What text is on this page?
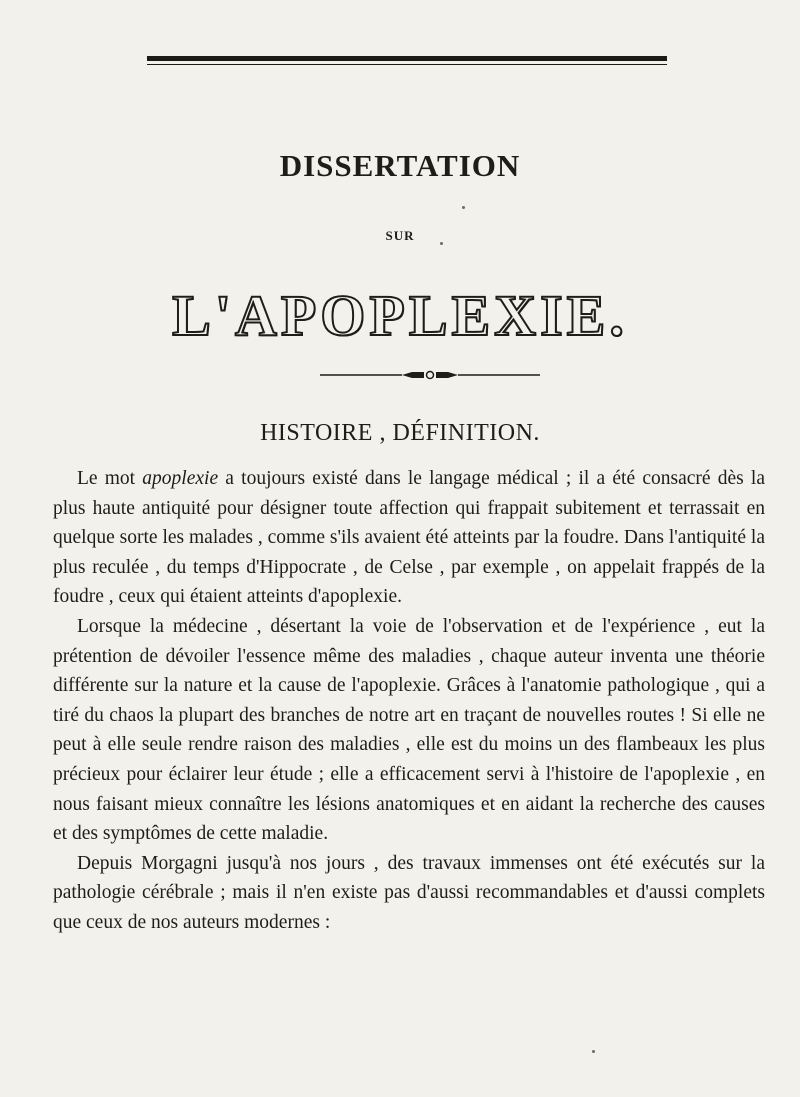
DISSERTATION
SUR
L'APOPLEXIE.
HISTOIRE , DÉFINITION.

Le mot apoplexie a toujours existé dans le langage médical ; il a été consacré dès la plus haute antiquité pour désigner toute affection qui frappait subitement et terrassait en quelque sorte les malades , comme s'ils avaient été atteints par la foudre. Dans l'antiquité la plus reculée , du temps d'Hippocrate , de Celse , par exemple , on appelait frappés de la foudre , ceux qui étaient atteints d'apoplexie.

Lorsque la médecine , désertant la voie de l'observation et de l'expérience , eut la prétention de dévoiler l'essence même des maladies , chaque auteur inventa une théorie différente sur la nature et la cause de l'apoplexie. Grâces à l'anatomie pathologique , qui a tiré du chaos la plupart des branches de notre art en traçant de nouvelles routes ! Si elle ne peut à elle seule rendre raison des maladies , elle est du moins un des flambeaux les plus précieux pour éclairer leur étude ; elle a efficacement servi à l'histoire de l'apoplexie , en nous faisant mieux connaître les lésions anatomiques et en aidant la recherche des causes et des symptômes de cette maladie.

Depuis Morgagni jusqu'à nos jours , des travaux immenses ont été exécutés sur la pathologie cérébrale ; mais il n'en existe pas d'aussi recommandables et d'aussi complets que ceux de nos auteurs modernes :
